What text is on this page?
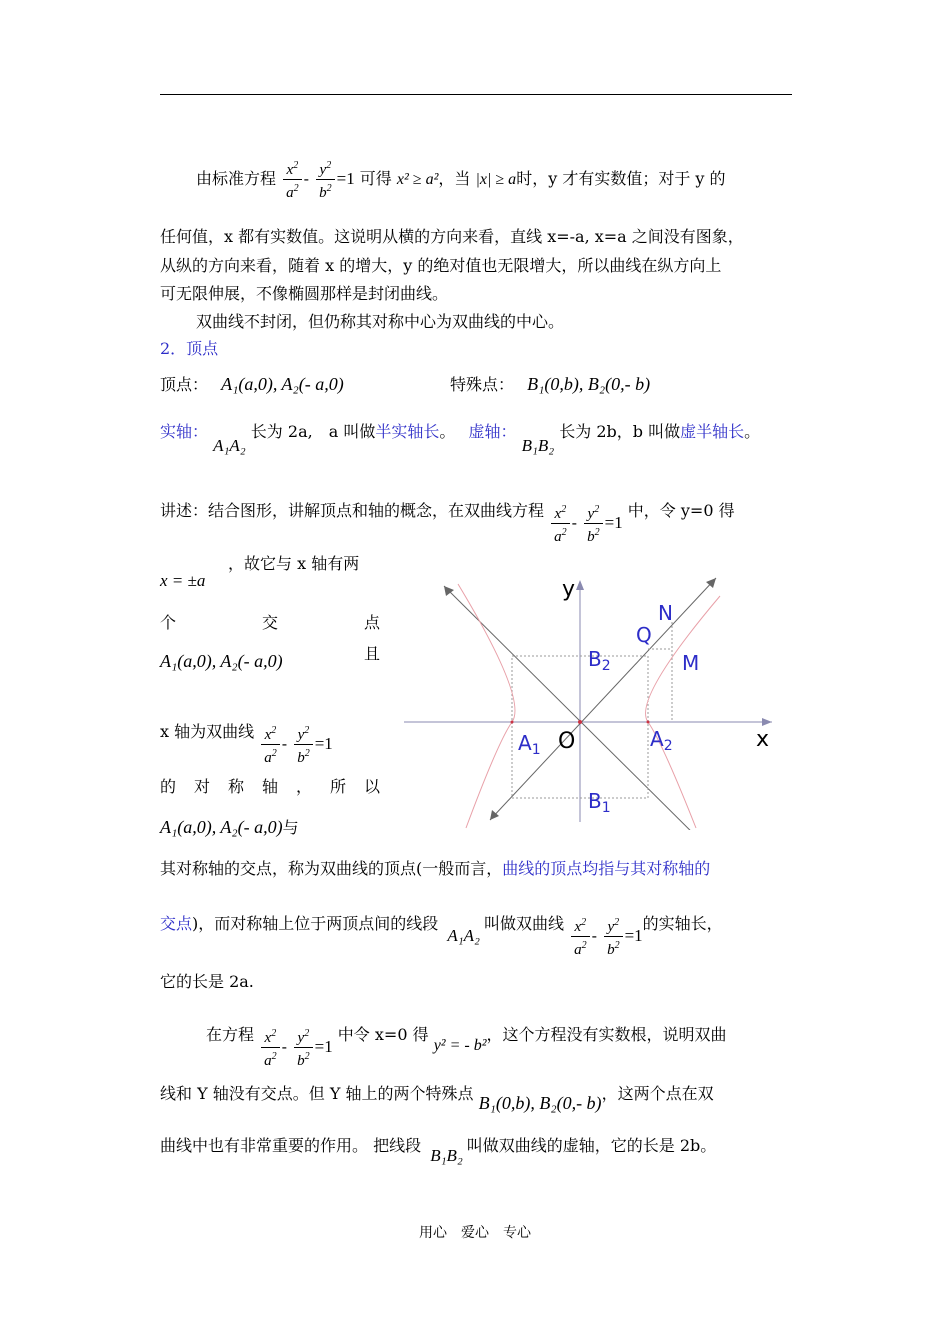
由标准方程 $\frac{x^2}{a^2} - \frac{y^2}{b^2} =1$ 可得 x² ≥ a²，当 |x| ≥ a时，y 才有实数值；对于 y 的
任何值，x 都有实数值。这说明从横的方向来看，直线 x=-a, x=a 之间没有图象，
从纵的方向来看，随着 x 的增大，y 的绝对值也无限增大，所以曲线在纵方向上
可无限伸展，不像椭圆那样是封闭曲线。
双曲线不封闭，但仍称其对称中心为双曲线的中心。
2．顶点
顶点： A₁(a,0), A₂(- a,0)	特殊点： B₁(0,b), B₂(0,- b)
实轴： A₁A₂ 长为 2a,　a 叫做半实轴长。 虚轴： B₁B₂ 长为 2b，b 叫做虚半轴长。
讲述：结合图形，讲解顶点和轴的概念，在双曲线方程 $\frac{x^2}{a^2} - \frac{y^2}{b^2} =1$ 中，令 y=0 得
，故它与 x 轴有两
x = ±a
个	交	点
A₁(a,0), A₂(- a,0)	且
x 轴为双曲线 $\frac{x^2}{a^2} - \frac{y^2}{b^2} =1$
的 对 称 轴 ， 所 以
A₁(a,0), A₂(- a,0)与
其对称轴的交点，称为双曲线的顶点(一般而言，曲线的顶点均指与其对称轴的
交点)，而对称轴上位于两顶点间的线段 A₁A₂叫做双曲线 $\frac{x^2}{a^2} - \frac{y^2}{b^2} =1$的实轴长，
它的长是 2a.
在方程 $\frac{x^2}{a^2} - \frac{y^2}{b^2} =1$ 中令 x=0 得 y² = - b²，这个方程没有实数根，说明双曲
线和 Y 轴没有交点。但 Y 轴上的两个特殊点 B₁(0,b), B₂(0,- b)，这两个点在双
曲线中也有非常重要的作用。 把线段 B₁B₂叫做双曲线的虚轴，它的长是 2b。
y
x
O
$A_1$	$A_2$
$B_2$
$B_1$
Q
N
M
用心　爱心　专心
